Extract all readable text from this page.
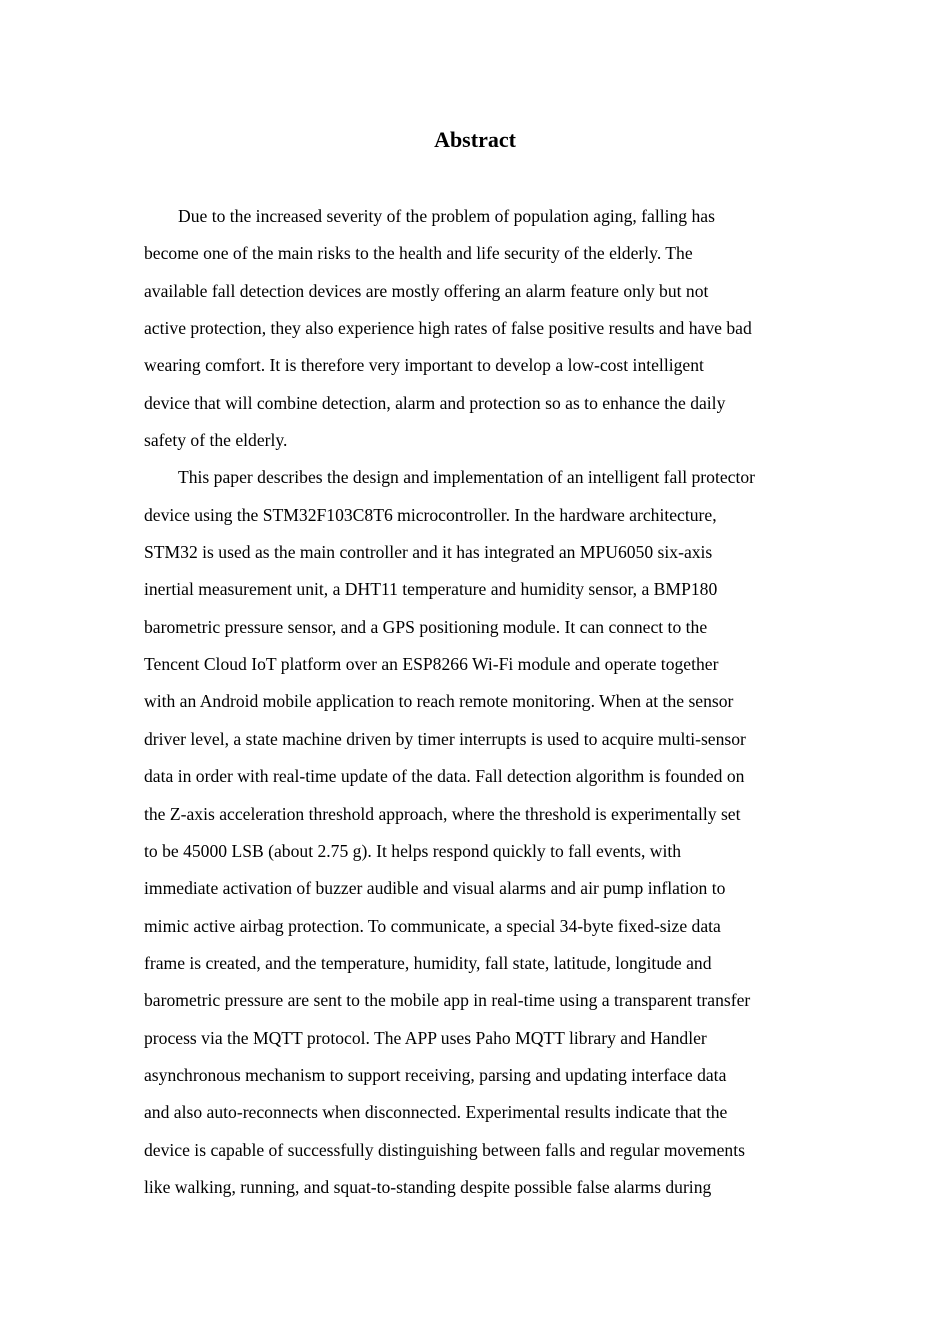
Abstract
Due to the increased severity of the problem of population aging, falling has
become one of the main risks to the health and life security of the elderly. The
available fall detection devices are mostly offering an alarm feature only but not
active protection, they also experience high rates of false positive results and have bad
wearing comfort. It is therefore very important to develop a low-cost intelligent
device that will combine detection, alarm and protection so as to enhance the daily
safety of the elderly.
This paper describes the design and implementation of an intelligent fall protector
device using the STM32F103C8T6 microcontroller. In the hardware architecture,
STM32 is used as the main controller and it has integrated an MPU6050 six-axis
inertial measurement unit, a DHT11 temperature and humidity sensor, a BMP180
barometric pressure sensor, and a GPS positioning module. It can connect to the
Tencent Cloud IoT platform over an ESP8266 Wi-Fi module and operate together
with an Android mobile application to reach remote monitoring. When at the sensor
driver level, a state machine driven by timer interrupts is used to acquire multi-sensor
data in order with real-time update of the data. Fall detection algorithm is founded on
the Z-axis acceleration threshold approach, where the threshold is experimentally set
to be 45000 LSB (about 2.75 g). It helps respond quickly to fall events, with
immediate activation of buzzer audible and visual alarms and air pump inflation to
mimic active airbag protection. To communicate, a special 34-byte fixed-size data
frame is created, and the temperature, humidity, fall state, latitude, longitude and
barometric pressure are sent to the mobile app in real-time using a transparent transfer
process via the MQTT protocol. The APP uses Paho MQTT library and Handler
asynchronous mechanism to support receiving, parsing and updating interface data
and also auto-reconnects when disconnected. Experimental results indicate that the
device is capable of successfully distinguishing between falls and regular movements
like walking, running, and squat-to-standing despite possible false alarms during
